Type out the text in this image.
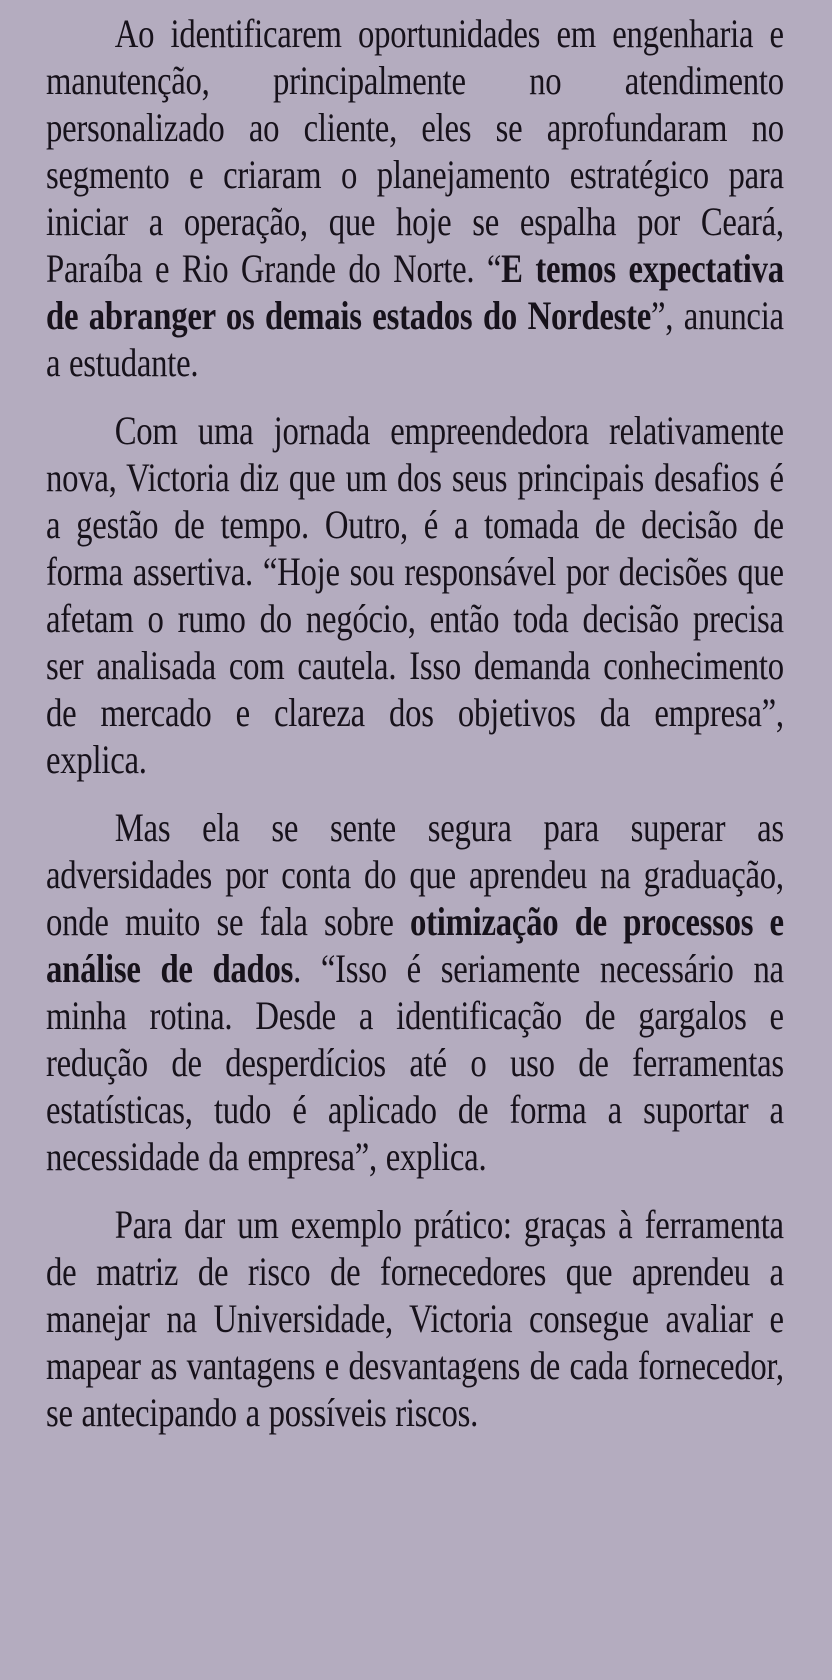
Ao identificarem oportunidades em engenharia e manutenção, principalmente no atendimento personalizado ao cliente, eles se aprofundaram no segmento e criaram o planejamento estratégico para iniciar a operação, que hoje se espalha por Ceará, Paraíba e Rio Grande do Norte. “E temos expectativa de abranger os demais estados do Nordeste”, anuncia a estudante.

Com uma jornada empreendedora relativamente nova, Victoria diz que um dos seus principais desafios é a gestão de tempo. Outro, é a tomada de decisão de forma assertiva. “Hoje sou responsável por decisões que afetam o rumo do negócio, então toda decisão precisa ser analisada com cautela. Isso demanda conhecimento de mercado e clareza dos objetivos da empresa”, explica.

Mas ela se sente segura para superar as adversidades por conta do que aprendeu na graduação, onde muito se fala sobre otimização de processos e análise de dados. “Isso é seriamente necessário na minha rotina. Desde a identificação de gargalos e redução de desperdícios até o uso de ferramentas estatísticas, tudo é aplicado de forma a suportar a necessidade da empresa”, explica.

Para dar um exemplo prático: graças à ferramenta de matriz de risco de fornecedores que aprendeu a manejar na Universidade, Victoria consegue avaliar e mapear as vantagens e desvantagens de cada fornecedor, se antecipando a possíveis riscos.
